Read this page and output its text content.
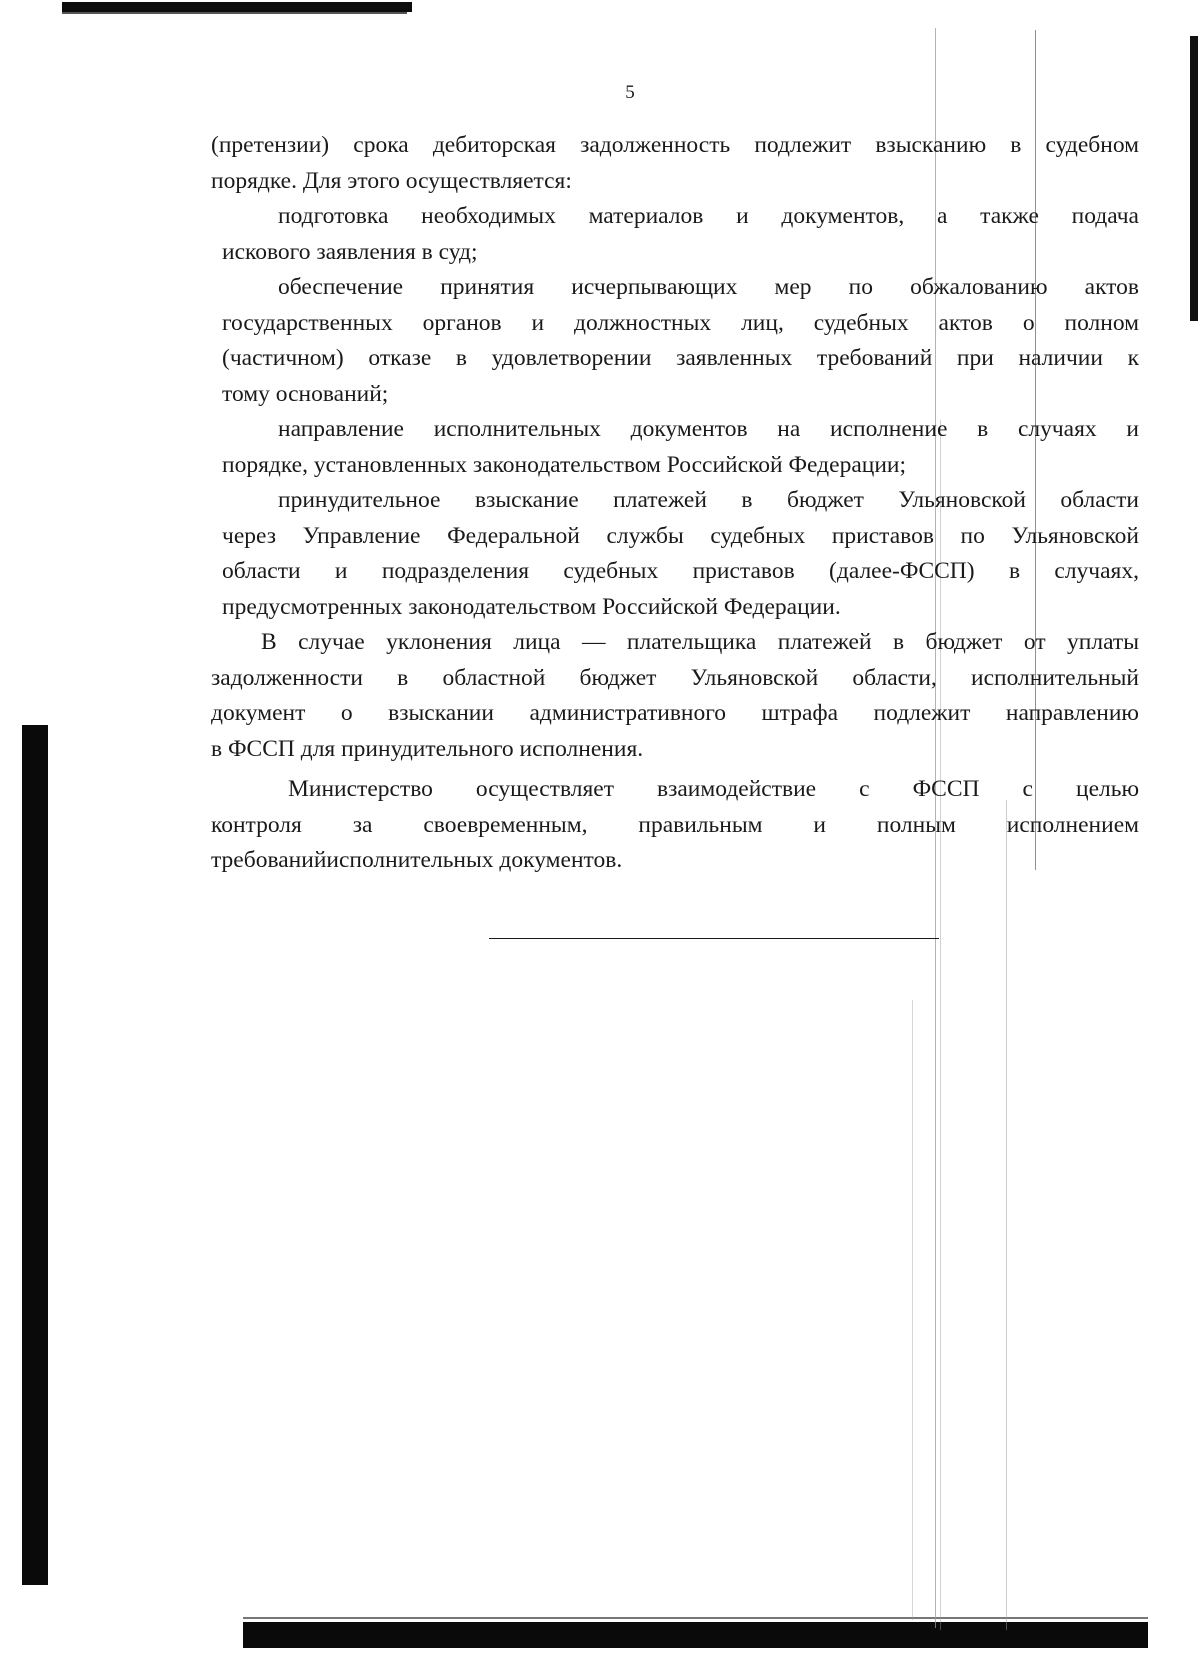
5
(претензии) срока дебиторская задолженность подлежит взысканию в судебном
порядке. Для этого осуществляется:
подготовка необходимых материалов и документов, а также подача
искового заявления в суд;
обеспечение принятия исчерпывающих мер по обжалованию актов
государственных органов и должностных лиц, судебных актов о полном
(частичном) отказе в удовлетворении заявленных требований при наличии к
тому оснований;
направление исполнительных документов на исполнение в случаях и
порядке, установленных законодательством Российской Федерации;
принудительное взыскание платежей в бюджет Ульяновской области
через Управление Федеральной службы судебных приставов по Ульяновской
области и подразделения судебных приставов (далее-ФССП) в случаях,
предусмотренных законодательством Российской Федерации.
В случае уклонения лица — плательщика платежей в бюджет от уплаты
задолженности в областной бюджет Ульяновской области, исполнительный
документ о взыскании административного штрафа подлежит направлению
в ФССП для принудительного исполнения.
Министерство осуществляет взаимодействие с ФССП с целью
контроля за своевременным, правильным и полным исполнением
требованийисполнительных документов.
